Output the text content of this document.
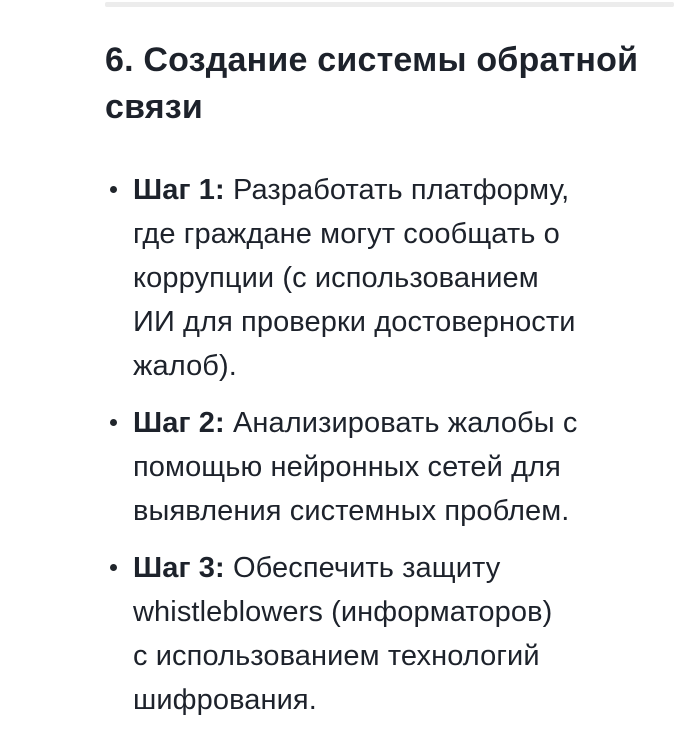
6. Создание системы обратной
связи

Шаг 1: Разработать платформу,
где граждане могут сообщать о
коррупции (с использованием
ИИ для проверки достоверности
жалоб).

Шаг 2: Анализировать жалобы с
помощью нейронных сетей для
выявления системных проблем.

Шаг 3: Обеспечить защиту
whistleblowers (информаторов)
с использованием технологий
шифрования.
